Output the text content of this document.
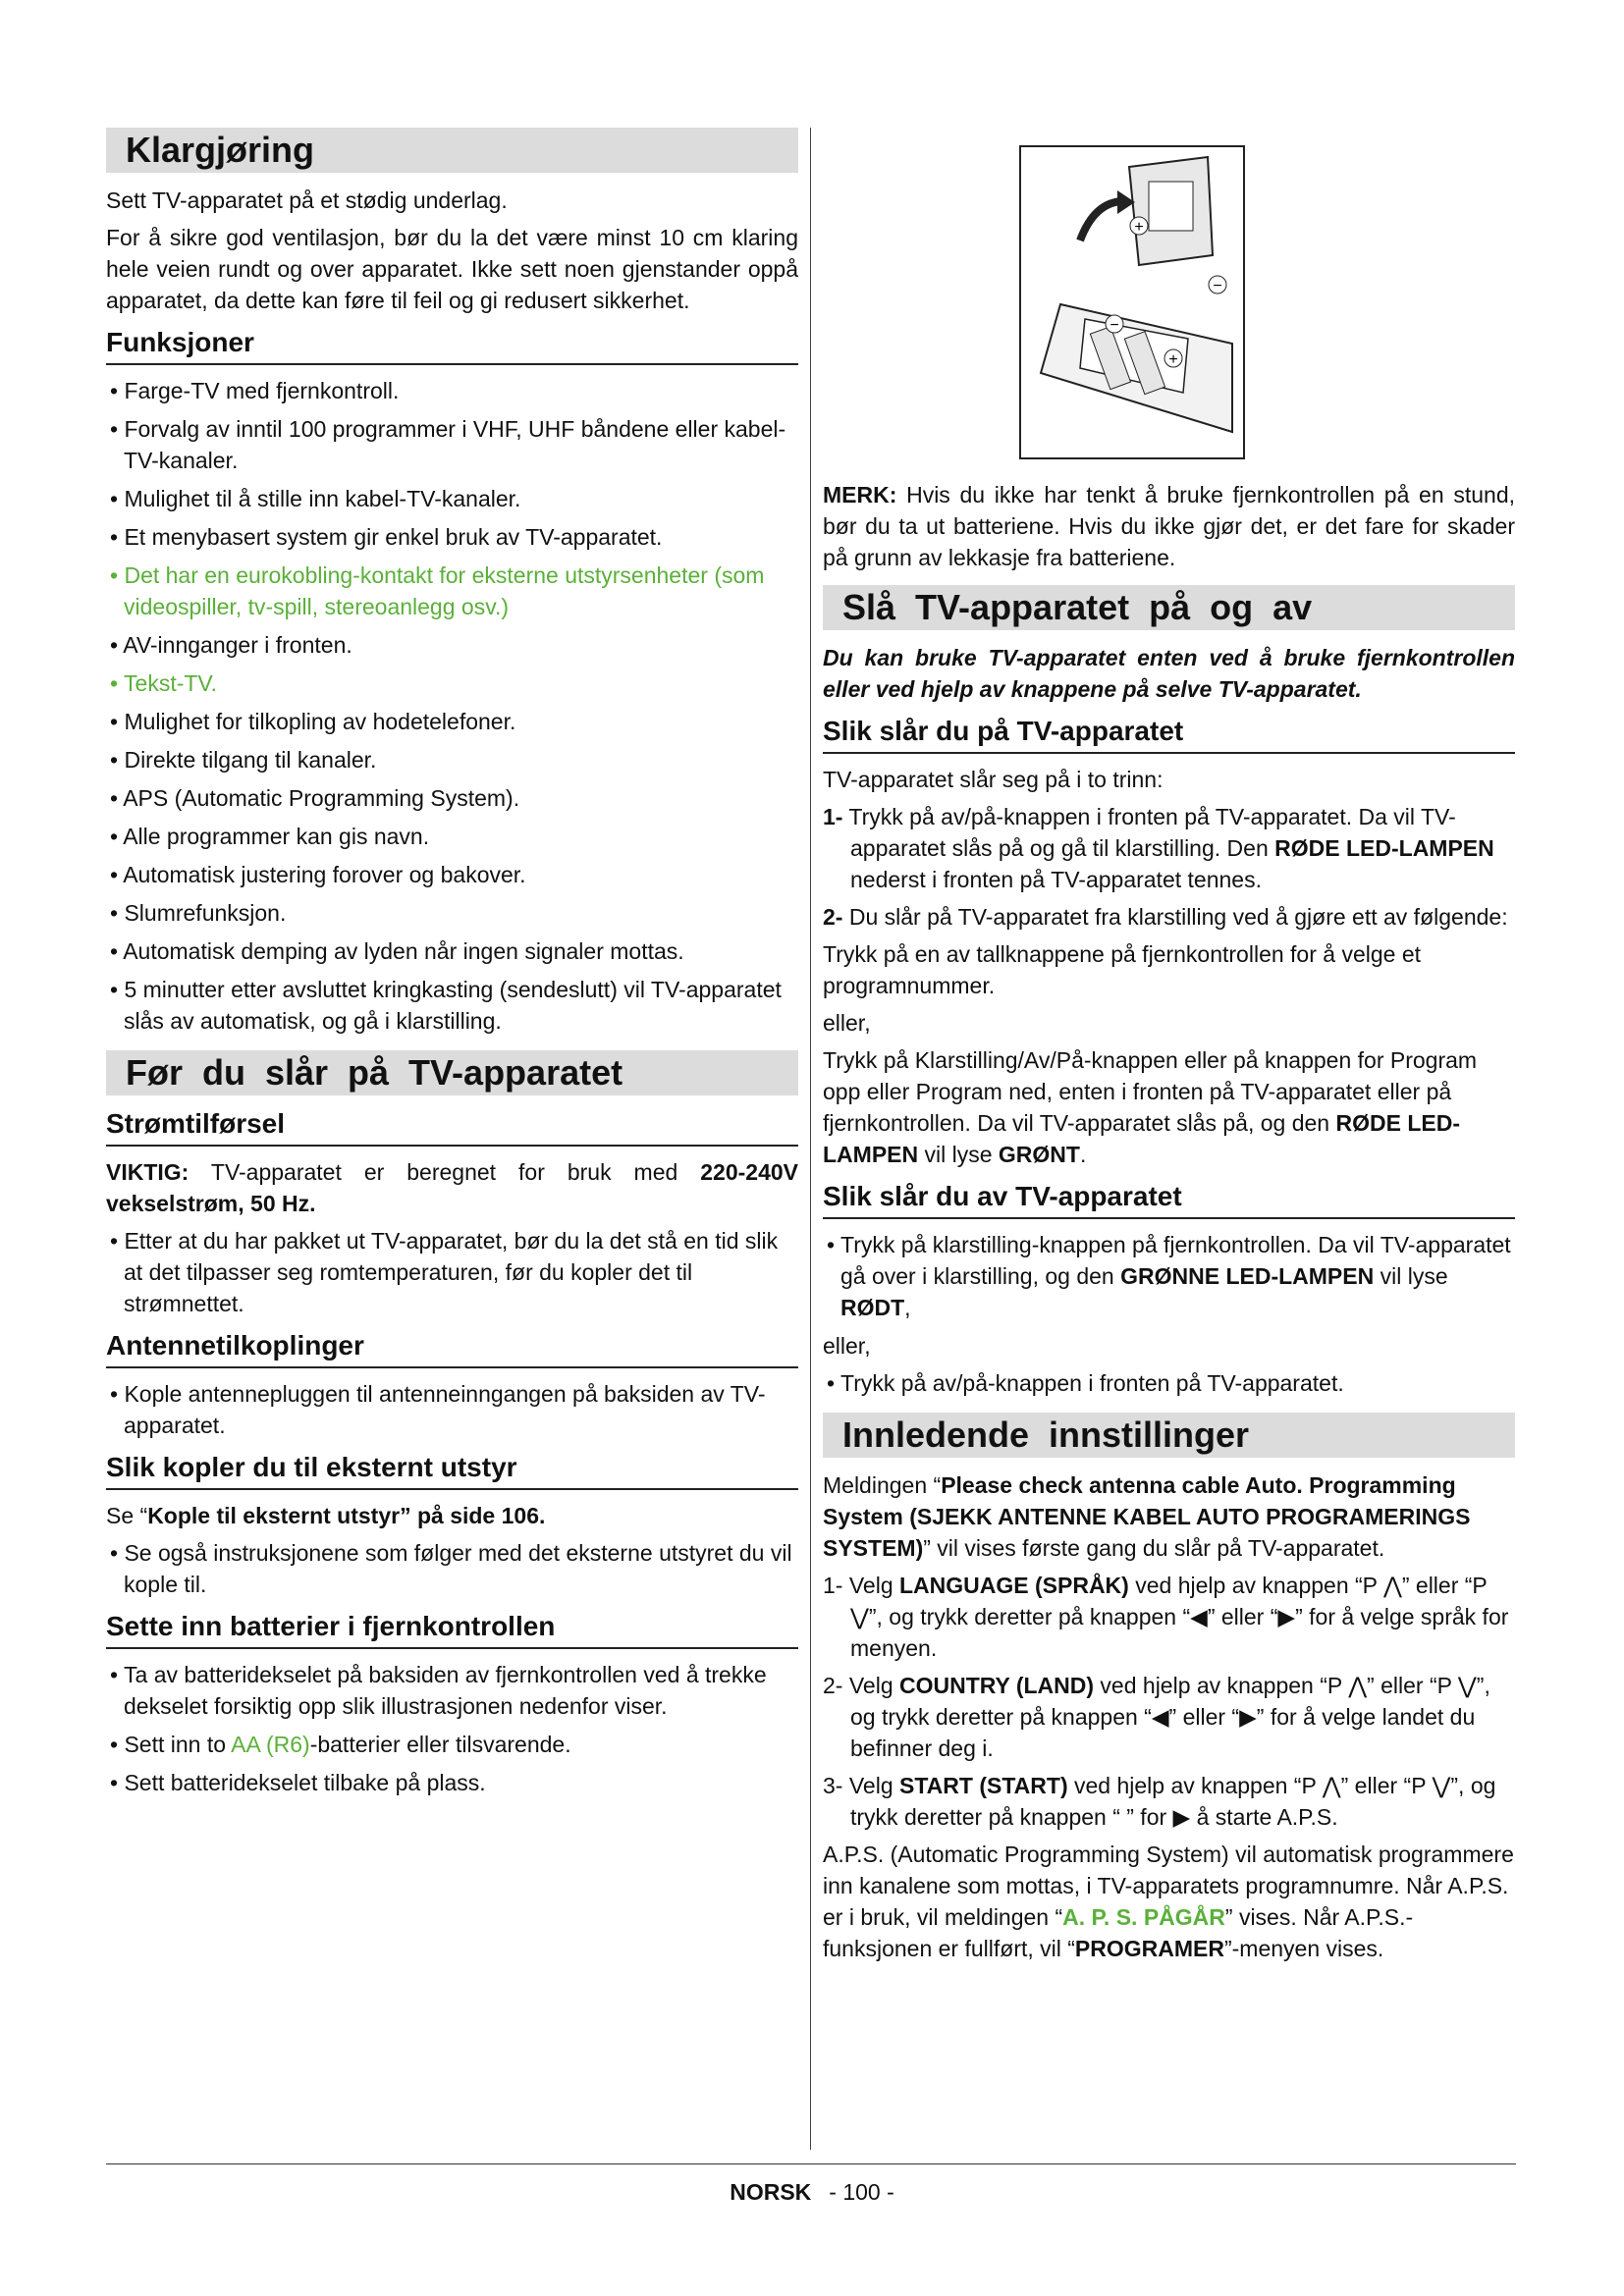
Klargjøring

Sett TV-apparatet på et stødig underlag.

For å sikre god ventilasjon, bør du la det være minst 10 cm klaring hele veien rundt og over apparatet. Ikke sett noen gjenstander oppå apparatet, da dette kan føre til feil og gi redusert sikkerhet.

Funksjoner
• Farge-TV med fjernkontroll.
• Forvalg av inntil 100 programmer i VHF, UHF båndene eller kabel-TV-kanaler.
• Mulighet til å stille inn kabel-TV-kanaler.
• Et menybasert system gir enkel bruk av TV-apparatet.
• Det har en eurokobling-kontakt for eksterne utstyrsenheter (som videospiller, tv-spill, stereoanlegg osv.)
• AV-innganger i fronten.
• Tekst-TV.
• Mulighet for tilkopling av hodetelefoner.
• Direkte tilgang til kanaler.
• APS (Automatic Programming System).
• Alle programmer kan gis navn.
• Automatisk justering forover og bakover.
• Slumrefunksjon.
• Automatisk demping av lyden når ingen signaler mottas.
• 5 minutter etter avsluttet kringkasting (sendeslutt) vil TV-apparatet slås av automatisk, og gå i klarstilling.
Før du slår på TV-apparatet
Strømtilførsel

VIKTIG: TV-apparatet er beregnet for bruk med 220-240V vekselstrøm, 50 Hz.

• Etter at du har pakket ut TV-apparatet, bør du la det stå en tid slik at det tilpasser seg romtemperaturen, før du kopler det til strømnettet.
Antennetilkoplinger
• Kople antennepluggen til antenneinngangen på baksiden av TV-apparatet.
Slik kopler du til eksternt utstyr

Se “Kople til eksternt utstyr” på side 106.

• Se også instruksjonene som følger med det eksterne utstyret du vil kople til.
Sette inn batterier i fjernkontrollen
• Ta av batteridekselet på baksiden av fjernkontrollen ved å trekke dekselet forsiktig opp slik illustrasjonen nedenfor viser.
• Sett inn to AA (R6)-batterier eller tilsvarende.
• Sett batteridekselet tilbake på plass.
+
−
−
+

MERK: Hvis du ikke har tenkt å bruke fjernkontrollen på en stund, bør du ta ut batteriene. Hvis du ikke gjør det, er det fare for skader på grunn av lekkasje fra batteriene.

Slå TV-apparatet på og av
Du kan bruke TV-apparatet enten ved å bruke fjernkontrollen eller ved hjelp av knappene på selve TV-apparatet.
Slik slår du på TV-apparatet

TV-apparatet slår seg på i to trinn:

1- Trykk på av/på-knappen i fronten på TV-apparatet. Da vil TV-apparatet slås på og gå til klarstilling. Den RØDE LED-LAMPEN nederst i fronten på TV-apparatet tennes.

2- Du slår på TV-apparatet fra klarstilling ved å gjøre ett av følgende:

Trykk på en av tallknappene på fjernkontrollen for å velge et programnummer.

eller,

Trykk på Klarstilling/Av/På-knappen eller på knappen for Program opp eller Program ned, enten i fronten på TV-apparatet eller på fjernkontrollen. Da vil TV-apparatet slås på, og den RØDE LED-LAMPEN vil lyse GRØNT.

Slik slår du av TV-apparatet
• Trykk på klarstilling-knappen på fjernkontrollen. Da vil TV-apparatet gå over i klarstilling, og den GRØNNE LED-LAMPEN vil lyse RØDT,

eller,

• Trykk på av/på-knappen i fronten på TV-apparatet.
Innledende innstillinger

Meldingen “Please check antenna cable Auto. Programming System (SJEKK ANTENNE KABEL AUTO PROGRAMERINGS SYSTEM)” vil vises første gang du slår på TV-apparatet.

1- Velg LANGUAGE (SPRÅK) ved hjelp av knappen “P ⋀” eller “P ⋁”, og trykk deretter på knappen “◀” eller “▶” for å velge språk for menyen.

2- Velg COUNTRY (LAND) ved hjelp av knappen “P ⋀” eller “P ⋁”, og trykk deretter på knappen “◀” eller “▶” for å velge landet du befinner deg i.

3- Velg START (START) ved hjelp av knappen “P ⋀” eller “P ⋁”, og trykk deretter på knappen “ ” for ▶ å starte A.P.S.

A.P.S. (Automatic Programming System) vil automatisk programmere inn kanalene som mottas, i TV-apparatets programnumre. Når A.P.S. er i bruk, vil meldingen “A. P. S. PÅGÅR” vises. Når A.P.S.-funksjonen er fullført, vil “PROGRAMER”-menyen vises.

NORSK - 100 -
